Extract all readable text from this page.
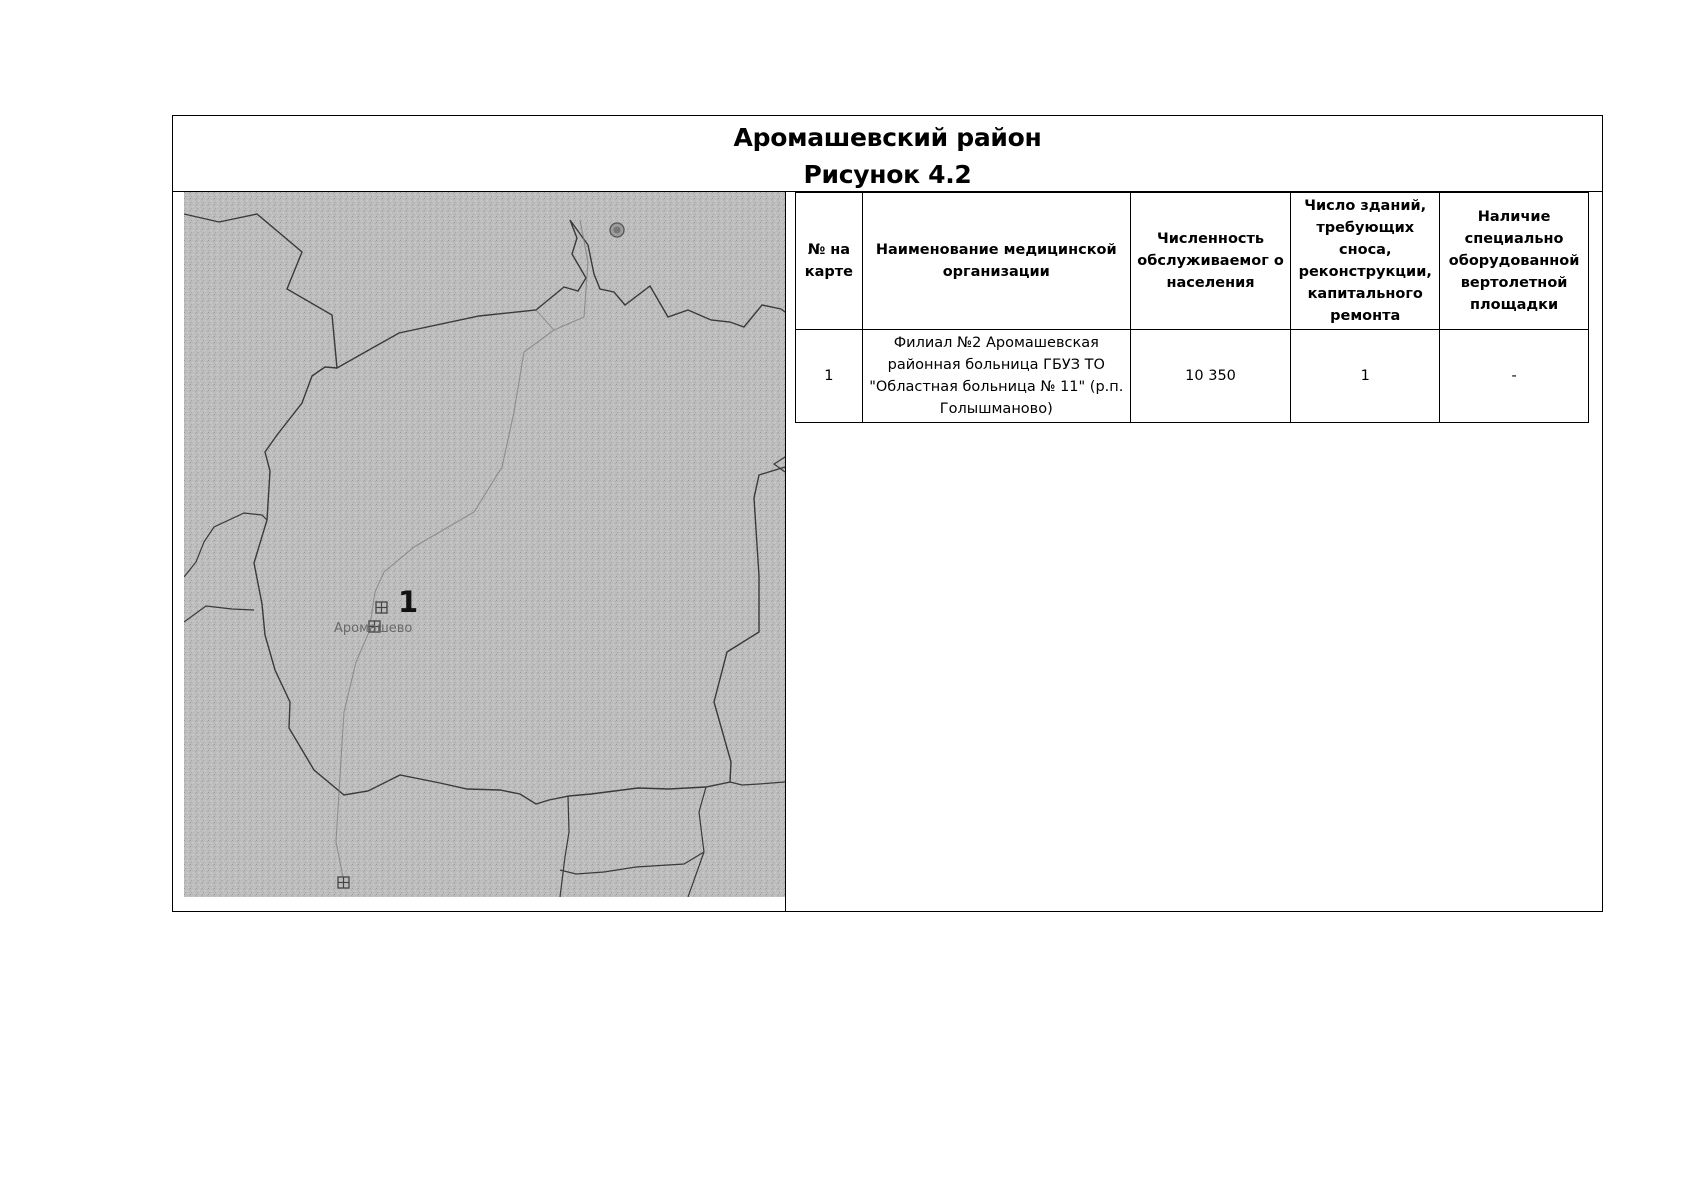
Аромашевский район
Рисунок 4.2
1
Аромашево
№ на карте	Наименование медицинской организации	Численность обслуживаемог о населения	Число зданий, требующих сноса, реконструкции, капитального ремонта	Наличие специально оборудованной вертолетной площадки
1	Филиал №2 Аромашевская районная больница ГБУЗ ТО "Областная больница № 11" (р.п. Голышманово)	10 350	1	-
